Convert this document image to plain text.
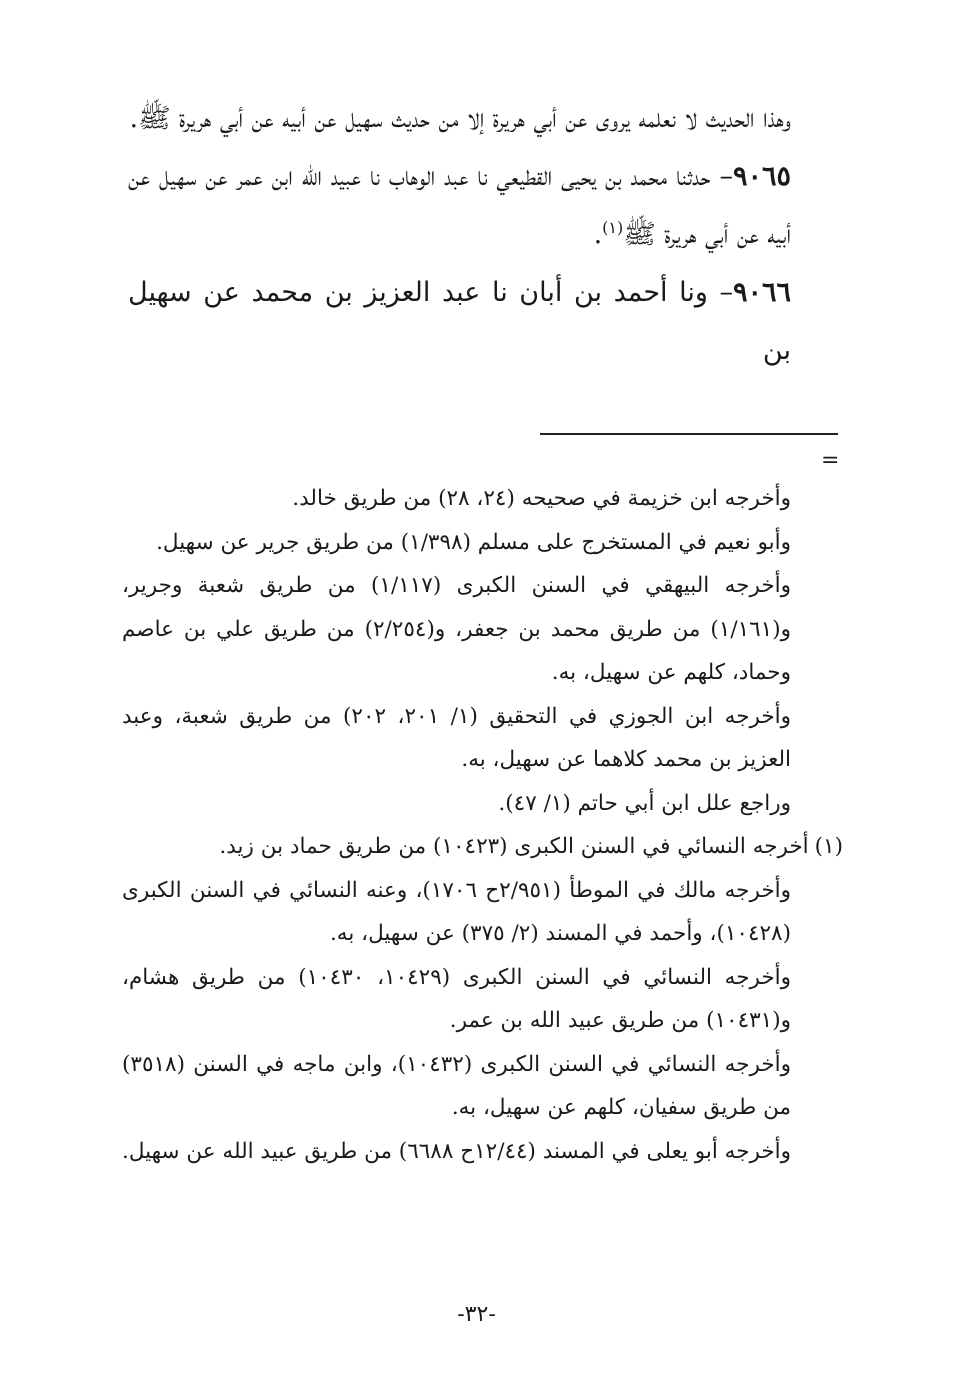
وهذا الحديث لا نعلمه يروى عن أبي هريرة إلا من حديث سهيل عن أبيه عن أبي هريرة ﷺ.

٩٠٦٥– حدثنا محمد بن يحيى القطيعي نا عبد الوهاب نا عبيد الله ابن عمر عن سهيل عن أبيه عن أبي هريرة ﷺ$^{(١)}$.

٩٠٦٦– ونا أحمد بن أبان نا عبد العزيز بن محمد عن سهيل بن

=

وأخرجه ابن خزيمة في صحيحه (٢٤، ٢٨) من طريق خالد.

وأبو نعيم في المستخرج على مسلم (١/٣٩٨) من طريق جرير عن سهيل.

وأخرجه البيهقي في السنن الكبرى (١/١١٧) من طريق شعبة وجرير، و(١/١٦١) من طريق محمد بن جعفر، و(٢/٢٥٤) من طريق علي بن عاصم وحماد، كلهم عن سهيل، به.

وأخرجه ابن الجوزي في التحقيق (١/ ٢٠١، ٢٠٢) من طريق شعبة، وعبد العزيز بن محمد كلاهما عن سهيل، به.

وراجع علل ابن أبي حاتم (١/ ٤٧).

(١)أخرجه النسائي في السنن الكبرى (١٠٤٢٣) من طريق حماد بن زيد.

وأخرجه مالك في الموطأ (٢/٩٥١ح ١٧٠٦)، وعنه النسائي في السنن الكبرى (١٠٤٢٨)، وأحمد في المسند (٢/ ٣٧٥) عن سهيل، به.

وأخرجه النسائي في السنن الكبرى (١٠٤٢٩، ١٠٤٣٠) من طريق هشام، و(١٠٤٣١) من طريق عبيد الله بن عمر.

وأخرجه النسائي في السنن الكبرى (١٠٤٣٢)، وابن ماجه في السنن (٣٥١٨) من طريق سفيان، كلهم عن سهيل، به.

وأخرجه أبو يعلى في المسند (١٢/٤٤ح ٦٦٨٨) من طريق عبيد الله عن سهيل.

-٣٢-
